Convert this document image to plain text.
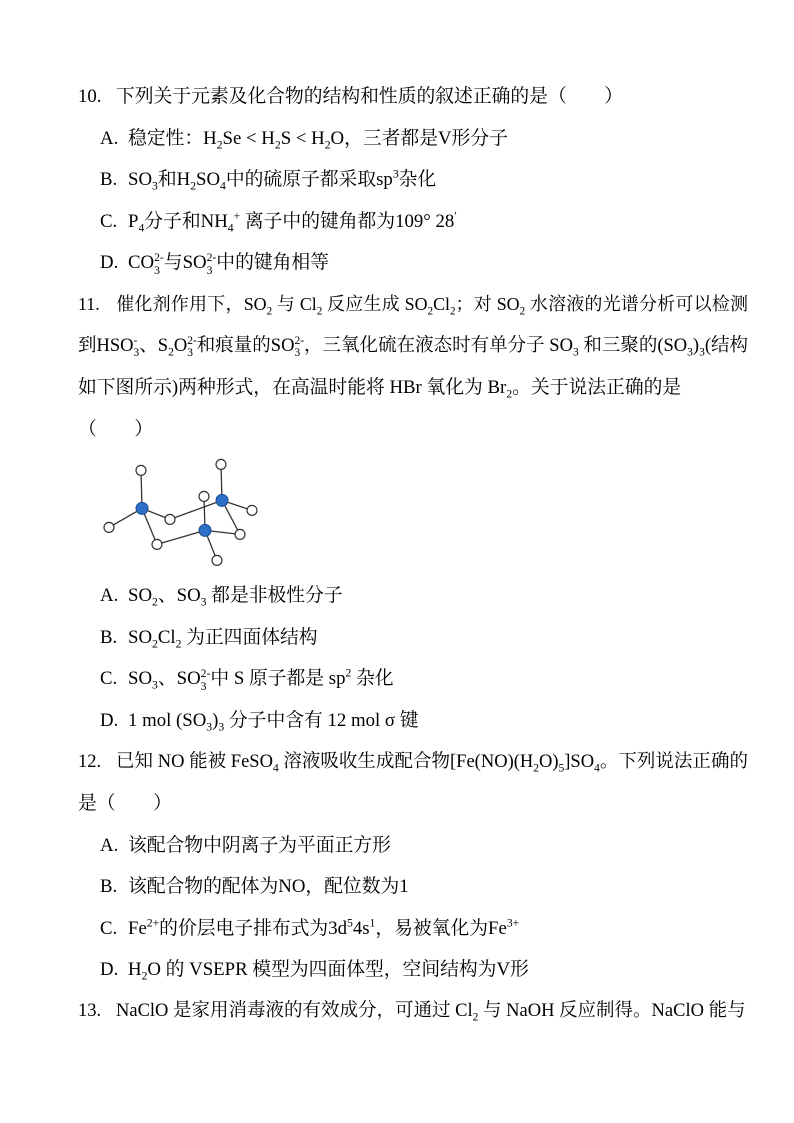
10. 下列关于元素及化合物的结构和性质的叙述正确的是（　　）
A. 稳定性：$H_2Se < H_2S < H_2O$，三者都是V形分子
B. $SO_3$和$H_2SO_4$中的硫原子都采取$sp^3$杂化
C. $P_4$分子和$NH_4^+$ 离子中的键角都为109° 28′
D. CO 2-
3 与SO 2-
3 中的键角相等
11. 催化剂作用下，$SO_2$ 与 $Cl_2$ 反应生成 $SO_2Cl_2$；对 $SO_2$ 水溶液的光谱分析可以检测
到HSO -
3 、$S_2O$ 2-
3 和痕量的SO 2-
3 ，三氧化硫在液态时有单分子 $SO_3$ 和三聚的$(SO_3)_3$(结构
如下图所示)两种形式，在高温时能将 HBr 氧化为 $Br_2$。关于说法正确的是
（　　）
A. $SO_2$、$SO_3$ 都是非极性分子
B. $SO_2Cl_2$ 为正四面体结构
C. $SO_3$、SO 2-
3 中 S 原子都是 $sp^2$ 杂化
D. 1 mol $(SO_3)_3$ 分子中含有 12 mol σ 键
12. 已知 NO 能被 FeSO$_4$ 溶液吸收生成配合物$[Fe(NO)(H_2O)_5]SO_4$。下列说法正确的
是（　　）
A. 该配合物中阴离子为平面正方形
B. 该配合物的配体为NO，配位数为1
C. $Fe^{2+}$的价层电子排布式为$3d^54s^1$，易被氧化为$Fe^{3+}$
D. $H_2O$ 的 VSEPR 模型为四面体型，空间结构为V形
13. NaClO 是家用消毒液的有效成分，可通过 $Cl_2$ 与 NaOH 反应制得。NaClO 能与
